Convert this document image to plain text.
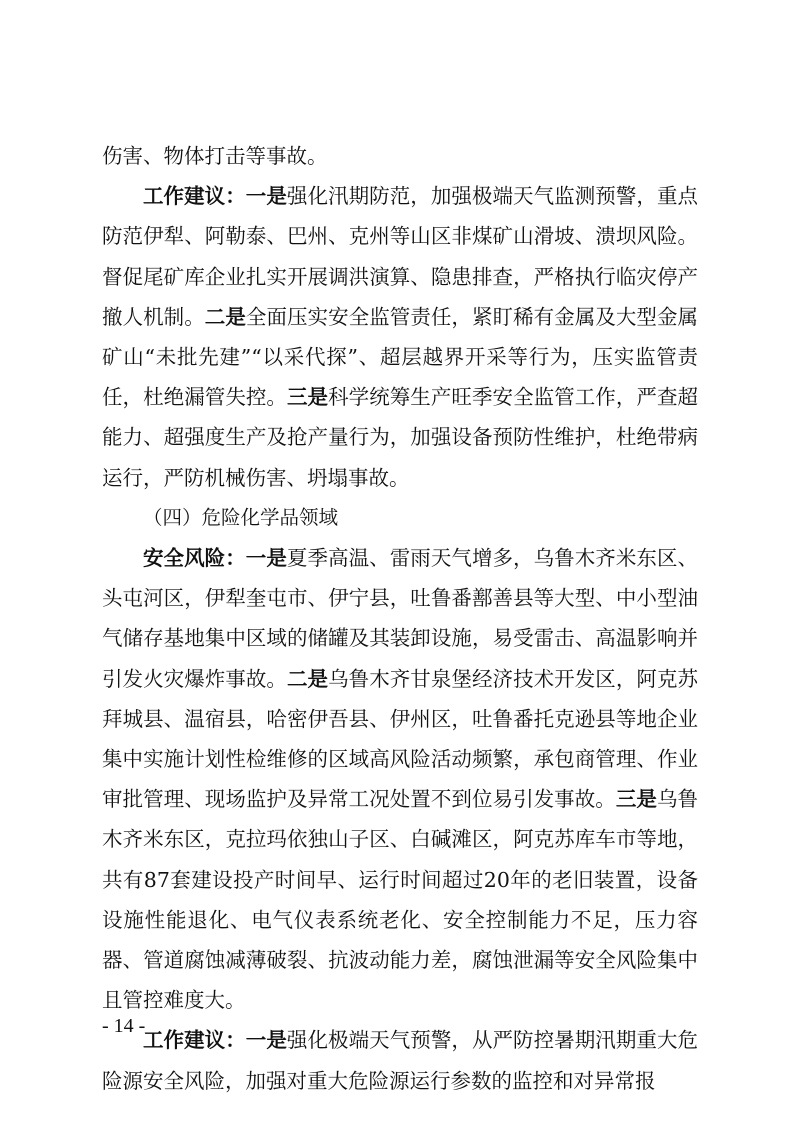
伤害、物体打击等事故。

工作建议：一是强化汛期防范，加强极端天气监测预警，重点防范伊犁、阿勒泰、巴州、克州等山区非煤矿山滑坡、溃坝风险。督促尾矿库企业扎实开展调洪演算、隐患排查，严格执行临灾停产撤人机制。二是全面压实安全监管责任，紧盯稀有金属及大型金属矿山“未批先建”“以采代探”、超层越界开采等行为，压实监管责任，杜绝漏管失控。三是科学统筹生产旺季安全监管工作，严查超能力、超强度生产及抢产量行为，加强设备预防性维护，杜绝带病运行，严防机械伤害、坍塌事故。

（四）危险化学品领域

安全风险：一是夏季高温、雷雨天气增多，乌鲁木齐米东区、头屯河区，伊犁奎屯市、伊宁县，吐鲁番鄯善县等大型、中小型油气储存基地集中区域的储罐及其装卸设施，易受雷击、高温影响并引发火灾爆炸事故。二是乌鲁木齐甘泉堡经济技术开发区，阿克苏拜城县、温宿县，哈密伊吾县、伊州区，吐鲁番托克逊县等地企业集中实施计划性检维修的区域高风险活动频繁，承包商管理、作业审批管理、现场监护及异常工况处置不到位易引发事故。三是乌鲁木齐米东区，克拉玛依独山子区、白碱滩区，阿克苏库车市等地，共有87套建设投产时间早、运行时间超过20年的老旧装置，设备设施性能退化、电气仪表系统老化、安全控制能力不足，压力容器、管道腐蚀减薄破裂、抗波动能力差，腐蚀泄漏等安全风险集中且管控难度大。

工作建议：一是强化极端天气预警，从严防控暑期汛期重大危险源安全风险，加强对重大危险源运行参数的监控和对异常报

- 14 -
